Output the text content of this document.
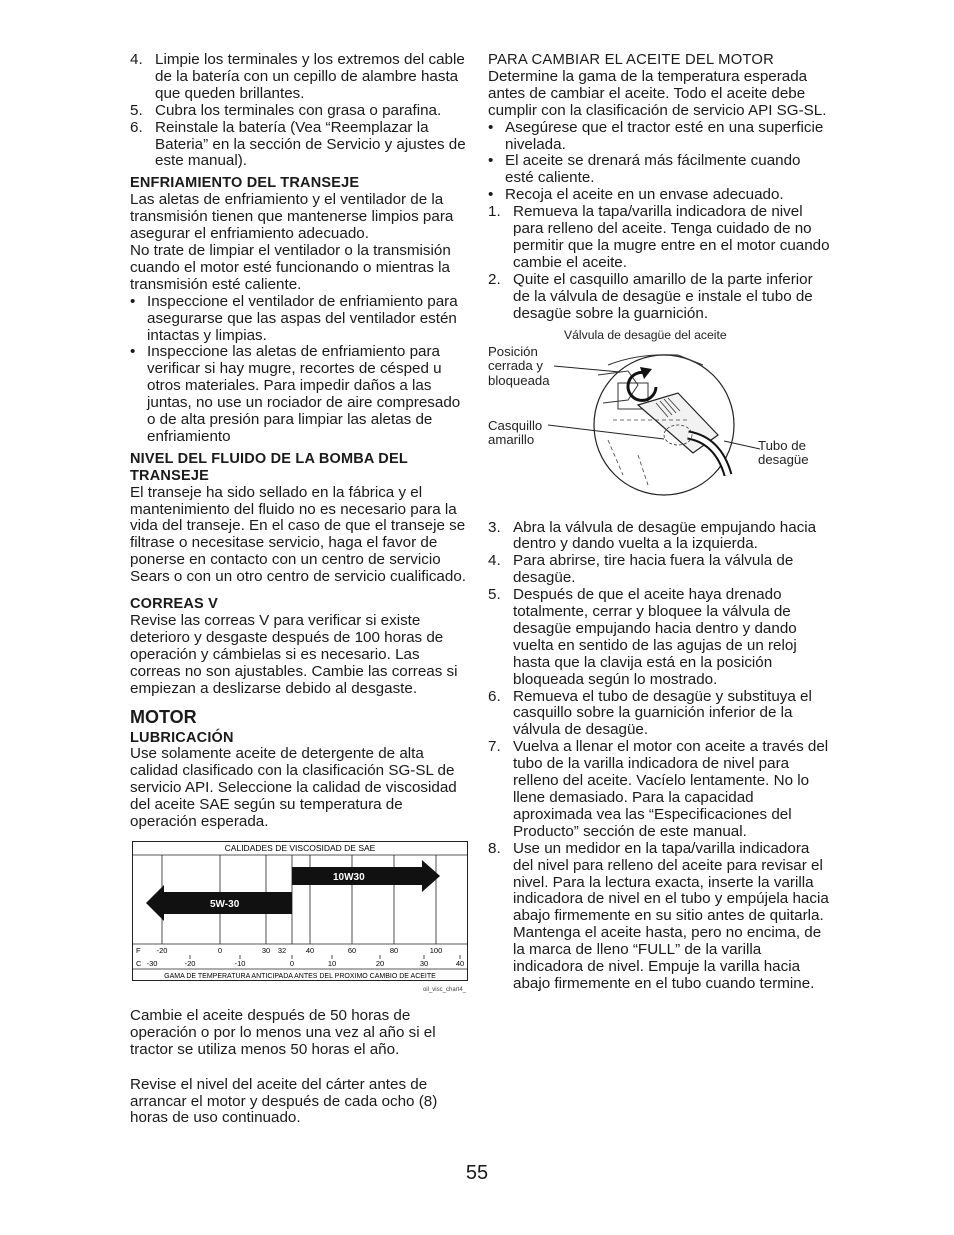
4. Limpie los terminales y los extremos del cable de la batería con un cepillo de alambre hasta que queden brillantes.
5. Cubra los terminales con grasa o parafina.
6. Reinstale la batería (Vea “Reemplazar la Bateria” en la sección de Servicio y ajustes de este manual).
ENFRIAMIENTO DEL TRANSEJE

Las aletas de enfriamiento y el ventilador de la transmisión tienen que mantenerse limpios para asegurar el enfriamiento adecuado.

No trate de limpiar el ventilador o la transmisión cuando el motor esté funcionando o mientras la transmisión esté caliente.

• Inspeccione el ventilador de enfriamiento para asegurarse que las aspas del ventilador estén intactas y limpias.
• Inspeccione las aletas de enfriamiento para verificar si hay mugre, recortes de césped u otros materiales. Para impedir daños a las juntas, no use un rociador de aire compresado o de alta presión para limpiar las aletas de enfriamiento
NIVEL DEL FLUIDO DE LA BOMBA DEL TRANSEJE

El transeje ha sido sellado en la fábrica y el mantenimiento del fluido no es necesario para la vida del transeje. En el caso de que el transeje se filtrase o necesitase servicio, haga el favor de ponerse en contacto con un centro de servicio Sears o con un otro centro de servicio cualificado.

CORREAS V

Revise las correas V para verificar si existe deterioro y desgaste después de 100 horas de operación y cámbielas si es necesario. Las correas no son ajustables. Cambie las correas si empiezan a deslizarse debido al desgaste.

MOTOR
LUBRICACIÓN

Use solamente aceite de detergente de alta calidad clasificado con la clasificación SG-SL de servicio API. Seleccione la calidad de viscosidad del aceite SAE según su temperatura de operación esperada.

CALIDADES DE VISCOSIDAD DE SAE
10W30
5W-30
F -20	0	30 32	40	60	80	100
C -30	-20	-10	0	10	20	30	40
GAMA DE TEMPERATURA ANTICIPADA ANTES DEL PROXIMO CAMBIO DE ACEITE
oil_visc_chart4_

Cambie el aceite después de 50 horas de operación o por lo menos una vez al año si el tractor se utiliza menos 50 horas el año.

Revise el nivel del aceite del cárter antes de arrancar el motor y después de cada ocho (8) horas de uso continuado.

PARA CAMBIAR EL ACEITE DEL MOTOR

Determine la gama de la temperatura esperada antes de cambiar el aceite. Todo el aceite debe cumplir con la clasificación de servicio API SG-SL.

• Asegúrese que el tractor esté en una superficie nivelada.
• El aceite se drenará más fácilmente cuando esté caliente.
• Recoja el aceite en un envase adecuado.
1. Remueva la tapa/varilla indicadora de nivel para relleno del aceite. Tenga cuidado de no permitir que la mugre entre en el motor cuando cambie el aceite.
2. Quite el casquillo amarillo de la parte inferior de la válvula de desagüe e instale el tubo de desagüe sobre la guarnición.
Válvula de desagüe del aceite
Posición cerrada y bloqueada
Casquillo amarillo	Tubo de desagüe
3. Abra la válvula de desagüe empujando hacia dentro y dando vuelta a la izquierda.
4. Para abrirse, tire hacia fuera la válvula de desagüe.
5. Después de que el aceite haya drenado totalmente, cerrar y bloquee la válvula de desagüe empujando hacia dentro y dando vuelta en sentido de las agujas de un reloj hasta que la clavija está en la posición bloqueada según lo mostrado.
6. Remueva el tubo de desagüe y substituya el casquillo sobre la guarnición inferior de la válvula de desagüe.
7. Vuelva a llenar el motor con aceite a través del tubo de la varilla indicadora de nivel para relleno del aceite. Vacíelo lentamente. No lo llene demasiado. Para la capacidad aproximada vea las “Especificaciones del Producto” sección de este manual.
8. Use un medidor en la tapa/varilla indicadora del nivel para relleno del aceite para revisar el nivel. Para la lectura exacta, inserte la varilla indicadora de nivel en el tubo y empújela hacia abajo firmemente en su sitio antes de quitarla. Mantenga el aceite hasta, pero no encima, de la marca de lleno “FULL” de la varilla indicadora de nivel. Empuje la varilla hacia abajo firmemente en el tubo cuando termine.
55
